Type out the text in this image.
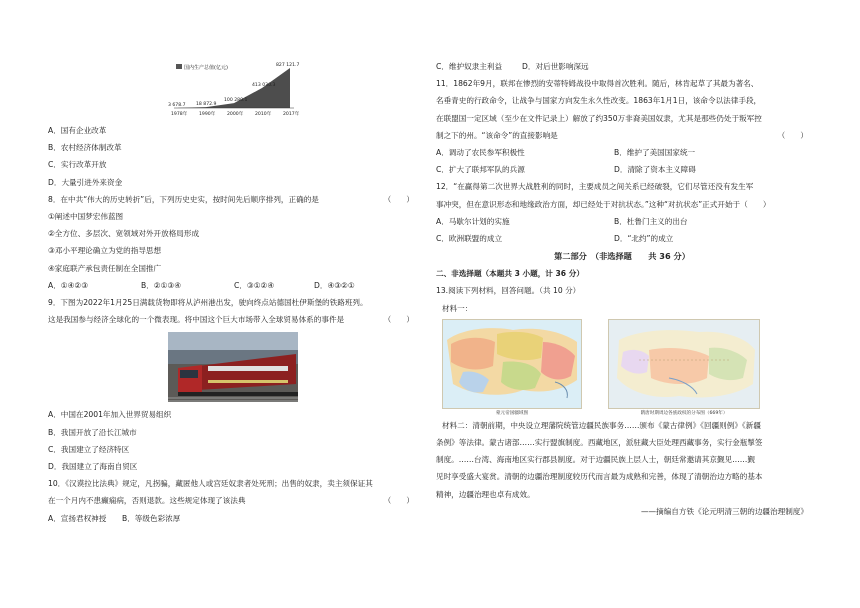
国内生产总值(亿元)
3 678.7
1978年
18 872.9
1990年
100 280.1
2000年
413 030.3
2010年
827 121.7
2017年
A．国有企业改革
B．农村经济体制改革
C．实行改革开放
D．大量引进外来资金
8．在中共“伟大的历史转折”后，下列历史史实，按时间先后顺序排列，正确的是	（　　）
①阐述中国梦宏伟蓝图
②全方位、多层次、宽领域对外开放格局形成
③邓小平理论确立为党的指导思想
④家庭联产承包责任制在全国推广
A．①④②③	B．②①③④	C．③①②④	D．④③②①
9．下图为2022年1月25日满载货物即将从泸州港出发，驶向终点站德国杜伊斯堡的铁路班列。
这是我国参与经济全球化的一个微表现。将中国这个巨大市场带入全球贸易体系的事件是	（　　）
A．中国在2001年加入世界贸易组织
B．我国开放了沿长江城市
C．我国建立了经济特区
D．我国建立了海南自贸区
10．《汉谟拉比法典》规定，凡拐骗，藏匿他人或宫廷奴隶者处死刑；出售的奴隶，卖主须保证其
在一个月内不患癫痫病，否则退款。这些规定体现了该法典	（　　）
A．宣扬君权神授	B．等级色彩浓厚
C．维护奴隶主利益	D．对后世影响深远
11．1862年9月，联邦在惨烈的安蒂特姆战役中取得首次胜利。随后，林肯起草了其最为著名、
名垂青史的行政命令，让战争与国家方向发生永久性改变。1863年1月1日，该命令以法律手段，
在联盟国一定区域（至少在文件记录上）解放了约350万非裔美国奴隶，尤其是那些仍处于叛军控
制之下的州。“该命令”的直接影响是	（　　）
A．调动了农民参军积极性	B．维护了美国国家统一
C．扩大了联邦军队的兵源	D．清除了资本主义障碍
12．“在赢得第二次世界大战胜利的同时，主要成员之间关系已经破裂，它们尽管还没有发生军
事冲突，但在意识形态和地缘政治方面，却已经处于对抗状态。”这种“对抗状态”正式开始于（　　）
A．马歇尔计划的实施	B．杜鲁门主义的出台
C．欧洲联盟的成立	D．“北约”的成立
第二部分　（非选择题　　共 36 分）
二、非选择题（本题共 3 小题，计 36 分）
13.阅读下列材料，回答问题。（共 10 分）
材料一：
蒙元帝国疆域图	隋唐时期周边各族政权的分布图（669年）
材料二：清朝前期，中央设立理藩院统管边疆民族事务……颁布《蒙古律例》《回疆则例》《新疆
条例》等法律。蒙古诸部……实行盟旗制度。西藏地区，派驻藏大臣处理西藏事务，实行金瓶掣签
制度。……台湾、海南地区实行郡县制度。对于边疆民族上层人士，朝廷常邀请其京觐见……觐
见时享受盛大宴赏。清朝的边疆治理制度较历代而言最为成熟和完善，体现了清朝治边方略的基本
精神，边疆治理也卓有成效。
——摘编自方铁《论元明清三朝的边疆治理制度》
